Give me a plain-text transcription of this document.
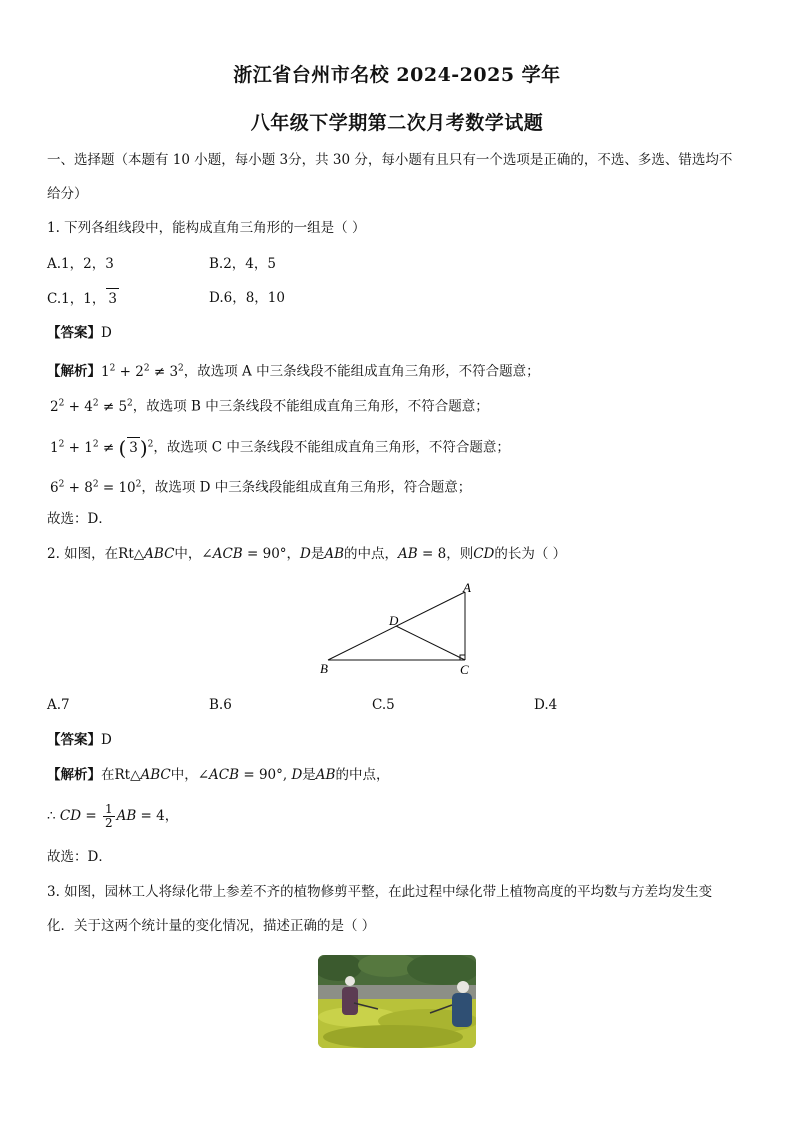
浙江省台州市名校 2024-2025 学年
八年级下学期第二次月考数学试题
一、选择题（本题有 10 小题，每小题 3分，共 30 分，每小题有且只有一个选项是正确的，不选、多选、错选均不
给分）
1. 下列各组线段中，能构成直角三角形的一组是（ ）
A.1，2，3	B.2，4，5
C.1，1， 3	D.6，8，10
【答案】D
【解析】$1^2 + 2^2 \ne 3^2$，故选项 A 中三条线段不能组成直角三角形，不符合题意；
$2^2 + 4^2 \ne 5^2$，故选项 B 中三条线段不能组成直角三角形，不符合题意；
$1^2 + 1^2$ ≠ ( 3 )$^2$，故选项 C 中三条线段不能组成直角三角形，不符合题意；
$6^2 + 8^2 = 10^2$，故选项 D 中三条线段能组成直角三角形，符合题意；
故选：D．
2. 如图，在Rt△ABC中，∠ACB = 90°，D是AB的中点，AB = 8，则CD的长为（ ）
A
B	C
D
A.7	B.6	C.5	D.4
【答案】D
【解析】在Rt△ABC中，∠ACB = 90°, D是AB的中点，
∴ CD = $\frac{1}{2}$ AB = 4，
故选：D．
3. 如图，园林工人将绿化带上参差不齐的植物修剪平整，在此过程中绿化带上植物高度的平均数与方差均发生变
化．关于这两个统计量的变化情况，描述正确的是（ ）
